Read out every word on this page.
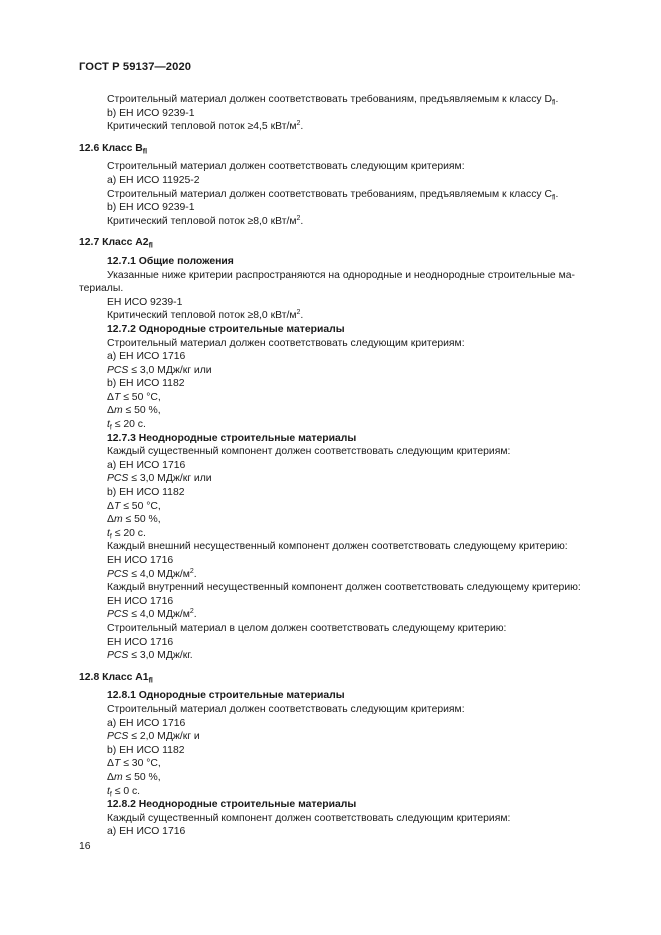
ГОСТ Р 59137—2020
Строительный материал должен соответствовать требованиям, предъявляемым к классу $D_{fl}$.
b) ЕН ИСО 9239-1
Критический тепловой поток ≥4,5 кВт/$м^2$.
12.6 Класс $B_{fl}$
Строительный материал должен соответствовать следующим критериям:
а) ЕН ИСО 11925-2
Строительный материал должен соответствовать требованиям, предъявляемым к классу $C_{fl}$.
b) ЕН ИСО 9239-1
Критический тепловой поток ≥8,0 кВт/$м^2$.
12.7 Класс $A2_{fl}$
12.7.1 Общие положения
Указанные ниже критерии распространяются на однородные и неоднородные строительные ма-
териалы.
ЕН ИСО 9239-1
Критический тепловой поток ≥8,0 кВт/$м^2$.
12.7.2 Однородные строительные материалы
Строительный материал должен соответствовать следующим критериям:
а) ЕН ИСО 1716
PCS ≤ 3,0 МДж/кг или
b) ЕН ИСО 1182
ΔT ≤ 50 °C,
Δm ≤ 50 %,
$t_f \le 20$ с.
12.7.3 Неоднородные строительные материалы
Каждый существенный компонент должен соответствовать следующим критериям:
а) ЕН ИСО 1716
PCS ≤ 3,0 МДж/кг или
b) ЕН ИСО 1182
ΔT ≤ 50 °C,
Δm ≤ 50 %,
$t_f \le 20$ с.
Каждый внешний несущественный компонент должен соответствовать следующему критерию:
ЕН ИСО 1716
PCS ≤ 4,0 МДж/$м^2$.
Каждый внутренний несущественный компонент должен соответствовать следующему критерию:
ЕН ИСО 1716
PCS ≤ 4,0 МДж/$м^2$.
Строительный материал в целом должен соответствовать следующему критерию:
ЕН ИСО 1716
PCS ≤ 3,0 МДж/кг.
12.8 Класс $A1_{fl}$
12.8.1 Однородные строительные материалы
Строительный материал должен соответствовать следующим критериям:
а) ЕН ИСО 1716
PCS ≤ 2,0 МДж/кг и
b) ЕН ИСО 1182
ΔT ≤ 30 °C,
Δm ≤ 50 %,
$t_f \le 0$ с.
12.8.2 Неоднородные строительные материалы
Каждый существенный компонент должен соответствовать следующим критериям:
а) ЕН ИСО 1716
16
